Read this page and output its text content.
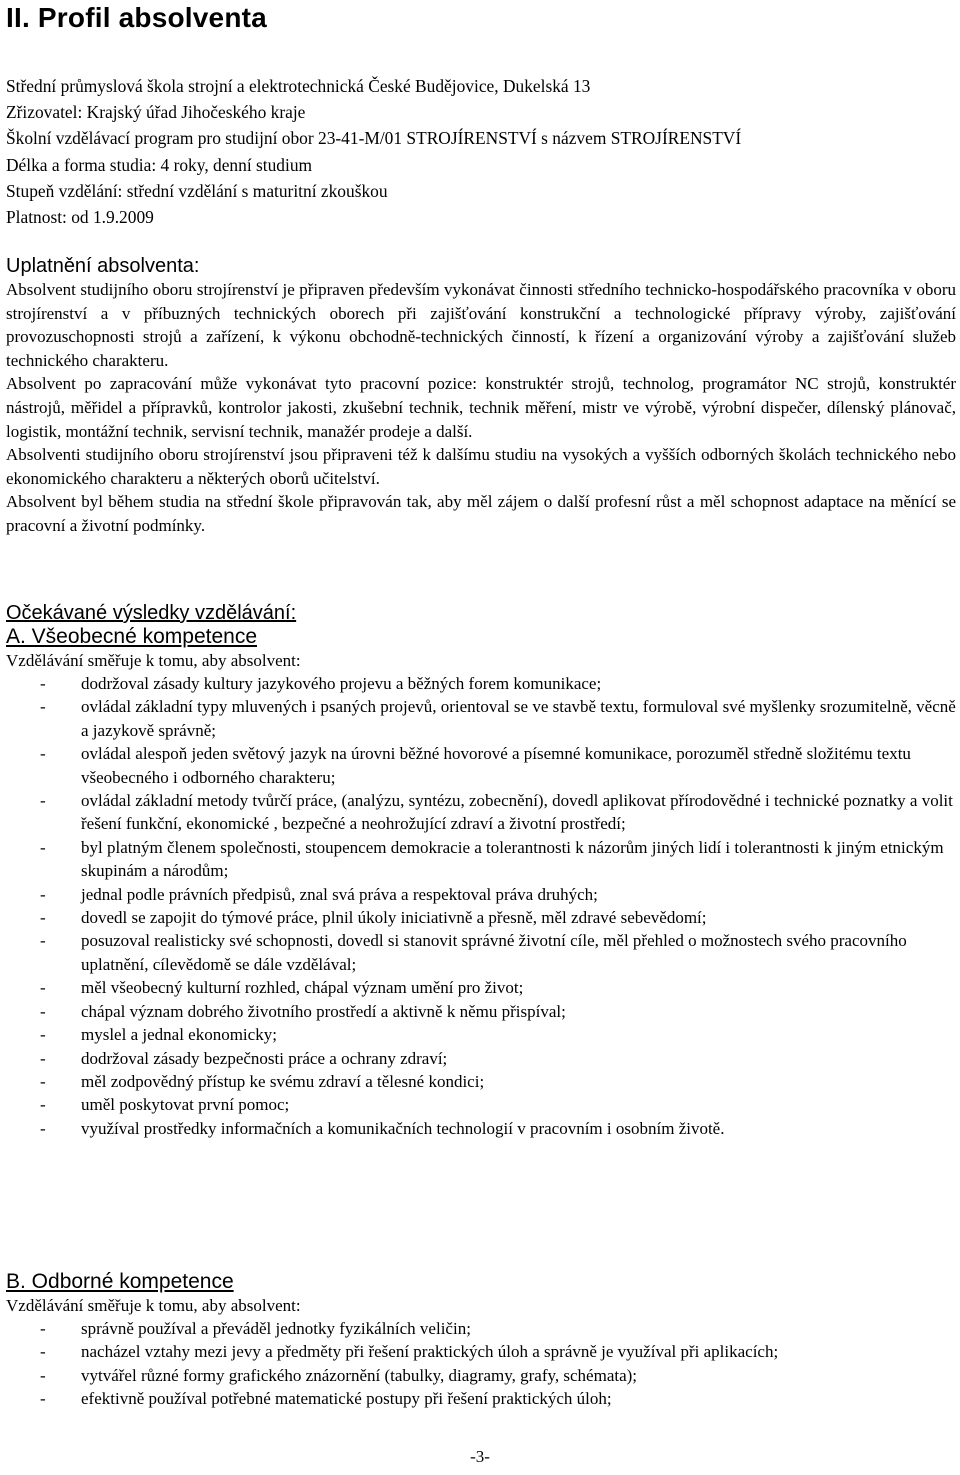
II. Profil absolventa
Střední průmyslová škola strojní a elektrotechnická České Budějovice, Dukelská 13
Zřizovatel: Krajský úřad Jihočeského kraje
Školní vzdělávací program pro studijní obor 23-41-M/01 STROJÍRENSTVÍ s názvem STROJÍRENSTVÍ
Délka a forma studia: 4 roky, denní studium
Stupeň vzdělání: střední vzdělání s maturitní zkouškou
Platnost: od 1.9.2009
Uplatnění absolventa:

Absolvent studijního oboru strojírenství je připraven především vykonávat činnosti středního technicko-hospodářského pracovníka v oboru strojírenství a v příbuzných technických oborech při zajišťování konstrukční a technologické přípravy výroby, zajišťování provozuschopnosti strojů a zařízení, k výkonu obchodně-technických činností, k řízení a organizování výroby a zajišťování služeb technického charakteru.

Absolvent po zapracování může vykonávat tyto pracovní pozice: konstruktér strojů, technolog, programátor NC strojů, konstruktér nástrojů, měřidel a přípravků, kontrolor jakosti, zkušební technik, technik měření, mistr ve výrobě, výrobní dispečer, dílenský plánovač, logistik, montážní technik, servisní technik, manažér prodeje a další.

Absolventi studijního oboru strojírenství jsou připraveni též k dalšímu studiu na vysokých a vyšších odborných školách technického nebo ekonomického charakteru a některých oborů učitelství.

Absolvent byl během studia na střední škole připravován tak, aby měl zájem o další profesní růst a měl schopnost adaptace na měnící se pracovní a životní podmínky.

Očekávané výsledky vzdělávání:
A. Všeobecné kompetence
Vzdělávání směřuje k tomu, aby absolvent:
- dodržoval zásady kultury jazykového projevu a běžných forem komunikace;
- ovládal základní typy mluvených i psaných projevů, orientoval se ve stavbě textu, formuloval své myšlenky srozumitelně, věcně a jazykově správně;
- ovládal alespoň jeden světový jazyk na úrovni běžné hovorové a písemné komunikace, porozuměl středně složitému textu všeobecného i odborného charakteru;
- ovládal základní metody tvůrčí práce, (analýzu, syntézu, zobecnění), dovedl aplikovat přírodovědné i technické poznatky a volit řešení funkční, ekonomické , bezpečné a neohrožující zdraví a životní prostředí;
- byl platným členem společnosti, stoupencem demokracie a tolerantnosti k názorům jiných lidí i tolerantnosti k jiným etnickým skupinám a národům;
- jednal podle právních předpisů, znal svá práva a respektoval práva druhých;
- dovedl se zapojit do týmové práce, plnil úkoly iniciativně a přesně, měl zdravé sebevědomí;
- posuzoval realisticky své schopnosti, dovedl si stanovit správné životní cíle, měl přehled o možnostech svého pracovního uplatnění, cílevědomě se dále vzdělával;
- měl všeobecný kulturní rozhled, chápal význam umění pro život;
- chápal význam dobrého životního prostředí a aktivně k němu přispíval;
- myslel a jednal ekonomicky;
- dodržoval zásady bezpečnosti práce a ochrany zdraví;
- měl zodpovědný přístup ke svému zdraví a tělesné kondici;
- uměl poskytovat první pomoc;
- využíval prostředky informačních a komunikačních technologií v pracovním i osobním životě.
B. Odborné kompetence
Vzdělávání směřuje k tomu, aby absolvent:
- správně používal a převáděl jednotky fyzikálních veličin;
- nacházel vztahy mezi jevy a předměty při řešení praktických úloh a správně je využíval při aplikacích;
- vytvářel různé formy grafického znázornění (tabulky, diagramy, grafy, schémata);
- efektivně používal potřebné matematické postupy při řešení praktických úloh;
-3-
